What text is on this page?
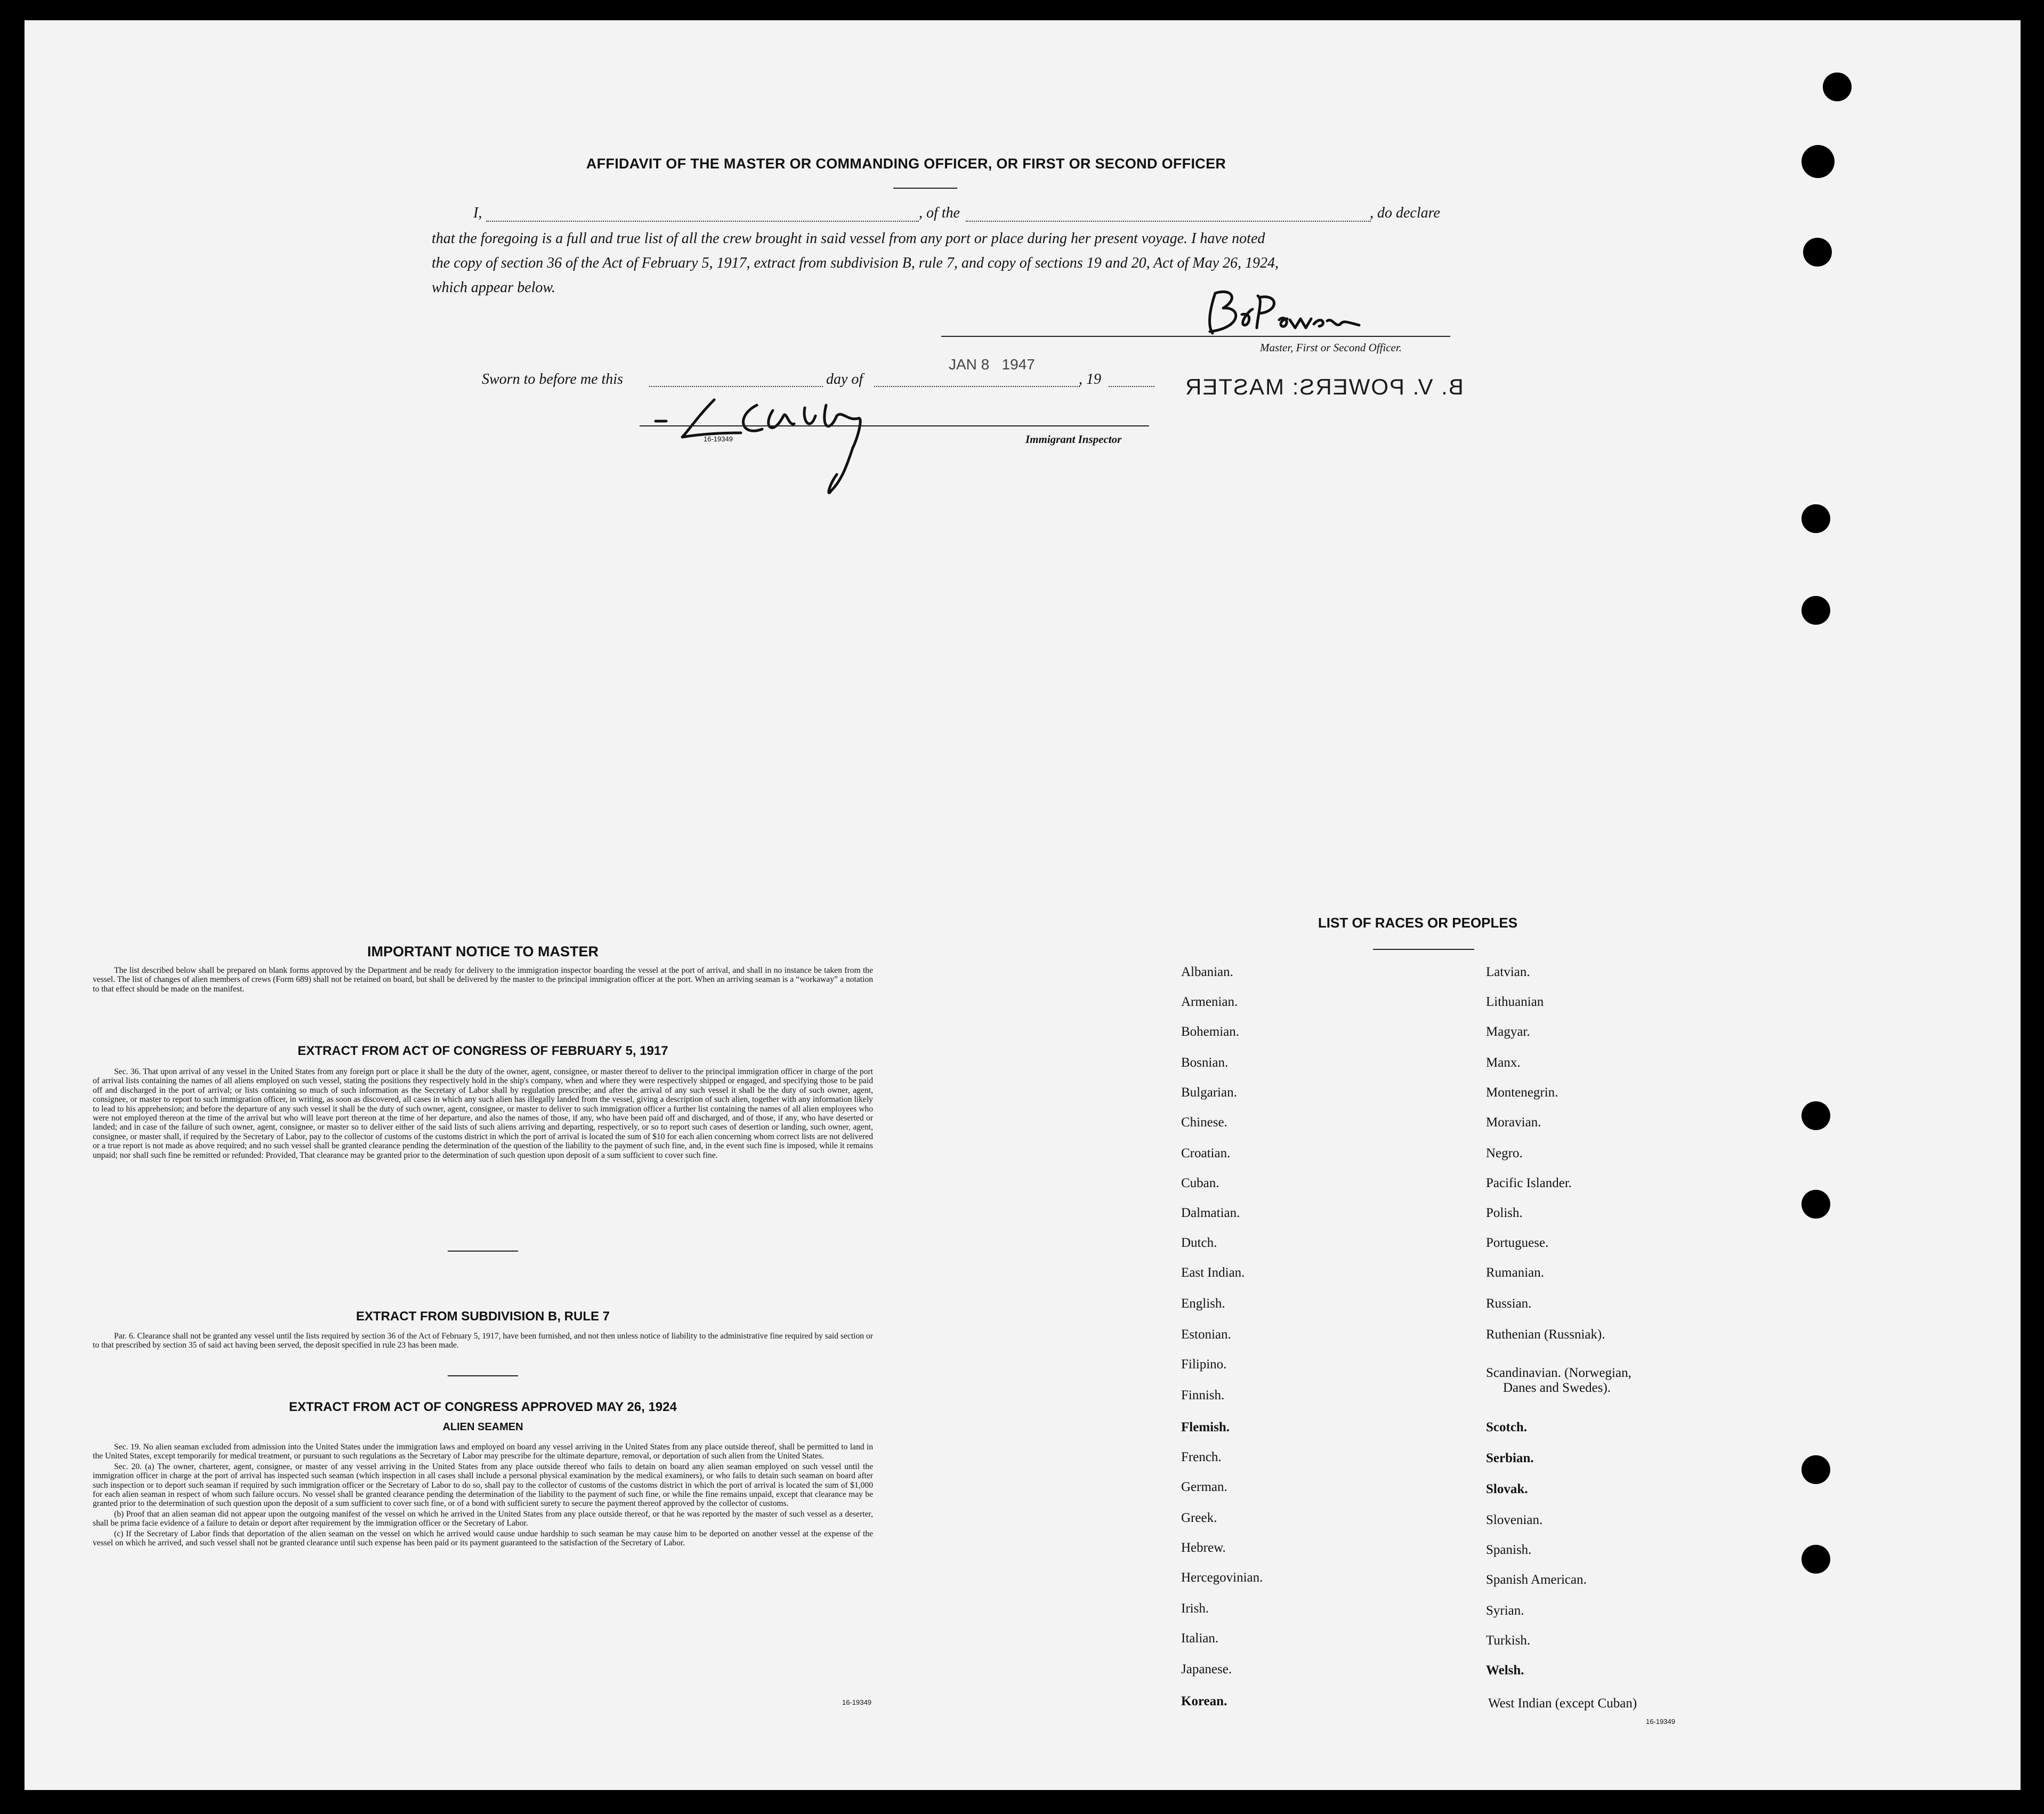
AFFIDAVIT OF THE MASTER OR COMMANDING OFFICER, OR FIRST OR SECOND OFFICER
I,	, of the	, do declare
that the foregoing is a full and true list of all the crew brought in said vessel from any port or place during her present voyage. I have noted
the copy of section 36 of the Act of February 5, 1917, extract from subdivision B, rule 7, and copy of sections 19 and 20, Act of May 26, 1924,
which appear below.
Master, First or Second Officer.
Sworn to before me this	day of
JAN 8   1947
, 19	B. V. POWERS: MASTER
16-19349	Immigrant Inspector
IMPORTANT NOTICE TO MASTER

The list described below shall be prepared on blank forms approved by the Department and be ready for delivery to the immigration inspector boarding the vessel at the port of arrival, and shall in no instance be taken from the vessel. The list of changes of alien members of crews (Form 689) shall not be retained on board, but shall be delivered by the master to the principal immigration officer at the port. When an arriving seaman is a “workaway” a notation to that effect should be made on the manifest.

EXTRACT FROM ACT OF CONGRESS OF FEBRUARY 5, 1917

Sec. 36. That upon arrival of any vessel in the United States from any foreign port or place it shall be the duty of the owner, agent, consignee, or master thereof to deliver to the principal immigration officer in charge of the port of arrival lists containing the names of all aliens employed on such vessel, stating the positions they respectively hold in the ship's company, when and where they were respectively shipped or engaged, and specifying those to be paid off and discharged in the port of arrival; or lists containing so much of such information as the Secretary of Labor shall by regulation prescribe; and after the arrival of any such vessel it shall be the duty of such owner, agent, consignee, or master to report to such immigration officer, in writing, as soon as discovered, all cases in which any such alien has illegally landed from the vessel, giving a description of such alien, together with any information likely to lead to his apprehension; and before the departure of any such vessel it shall be the duty of such owner, agent, consignee, or master to deliver to such immigration officer a further list containing the names of all alien employees who were not employed thereon at the time of the arrival but who will leave port thereon at the time of her departure, and also the names of those, if any, who have been paid off and discharged, and of those, if any, who have deserted or landed; and in case of the failure of such owner, agent, consignee, or master so to deliver either of the said lists of such aliens arriving and departing, respectively, or so to report such cases of desertion or landing, such owner, agent, consignee, or master shall, if required by the Secretary of Labor, pay to the collector of customs of the customs district in which the port of arrival is located the sum of $10 for each alien concerning whom correct lists are not delivered or a true report is not made as above required; and no such vessel shall be granted clearance pending the determination of the question of the liability to the payment of such fine, and, in the event such fine is imposed, while it remains unpaid; nor shall such fine be remitted or refunded: Provided, That clearance may be granted prior to the determination of such question upon deposit of a sum sufficient to cover such fine.

EXTRACT FROM SUBDIVISION B, RULE 7

Par. 6. Clearance shall not be granted any vessel until the lists required by section 36 of the Act of February 5, 1917, have been furnished, and not then unless notice of liability to the administrative fine required by said section or to that prescribed by section 35 of said act having been served, the deposit specified in rule 23 has been made.

EXTRACT FROM ACT OF CONGRESS APPROVED MAY 26, 1924
ALIEN SEAMEN

Sec. 19. No alien seaman excluded from admission into the United States under the immigration laws and employed on board any vessel arriving in the United States from any place outside thereof, shall be permitted to land in the United States, except temporarily for medical treatment, or pursuant to such regulations as the Secretary of Labor may prescribe for the ultimate departure, removal, or deportation of such alien from the United States.

Sec. 20. (a) The owner, charterer, agent, consignee, or master of any vessel arriving in the United States from any place outside thereof who fails to detain on board any alien seaman employed on such vessel until the immigration officer in charge at the port of arrival has inspected such seaman (which inspection in all cases shall include a personal physical examination by the medical examiners), or who fails to detain such seaman on board after such inspection or to deport such seaman if required by such immigration officer or the Secretary of Labor to do so, shall pay to the collector of customs of the customs district in which the port of arrival is located the sum of $1,000 for each alien seaman in respect of whom such failure occurs. No vessel shall be granted clearance pending the determination of the liability to the payment of such fine, or while the fine remains unpaid, except that clearance may be granted prior to the determination of such question upon the deposit of a sum sufficient to cover such fine, or of a bond with sufficient surety to secure the payment thereof approved by the collector of customs.

(b) Proof that an alien seaman did not appear upon the outgoing manifest of the vessel on which he arrived in the United States from any place outside thereof, or that he was reported by the master of such vessel as a deserter, shall be prima facie evidence of a failure to detain or deport after requirement by the immigration officer or the Secretary of Labor.

(c) If the Secretary of Labor finds that deportation of the alien seaman on the vessel on which he arrived would cause undue hardship to such seaman he may cause him to be deported on another vessel at the expense of the vessel on which he arrived, and such vessel shall not be granted clearance until such expense has been paid or its payment guaranteed to the satisfaction of the Secretary of Labor.

16-19349
LIST OF RACES OR PEOPLES
Albanian.
Armenian.
Bohemian.
Bosnian.
Bulgarian.
Chinese.
Croatian.
Cuban.
Dalmatian.
Dutch.
East Indian.
English.
Estonian.
Filipino.
Finnish.
Flemish.
French.
German.
Greek.
Hebrew.
Hercegovinian.
Irish.
Italian.
Japanese.
Korean.
Latvian.
Lithuanian
Magyar.
Manx.
Montenegrin.
Moravian.
Negro.
Pacific Islander.
Polish.
Portuguese.
Rumanian.
Russian.
Ruthenian (Russniak).
Scandinavian. (Norwegian,
Danes and Swedes).
Scotch.
Serbian.
Slovak.
Slovenian.
Spanish.
Spanish American.
Syrian.
Turkish.
Welsh.
West Indian (except Cuban)
16-19349
